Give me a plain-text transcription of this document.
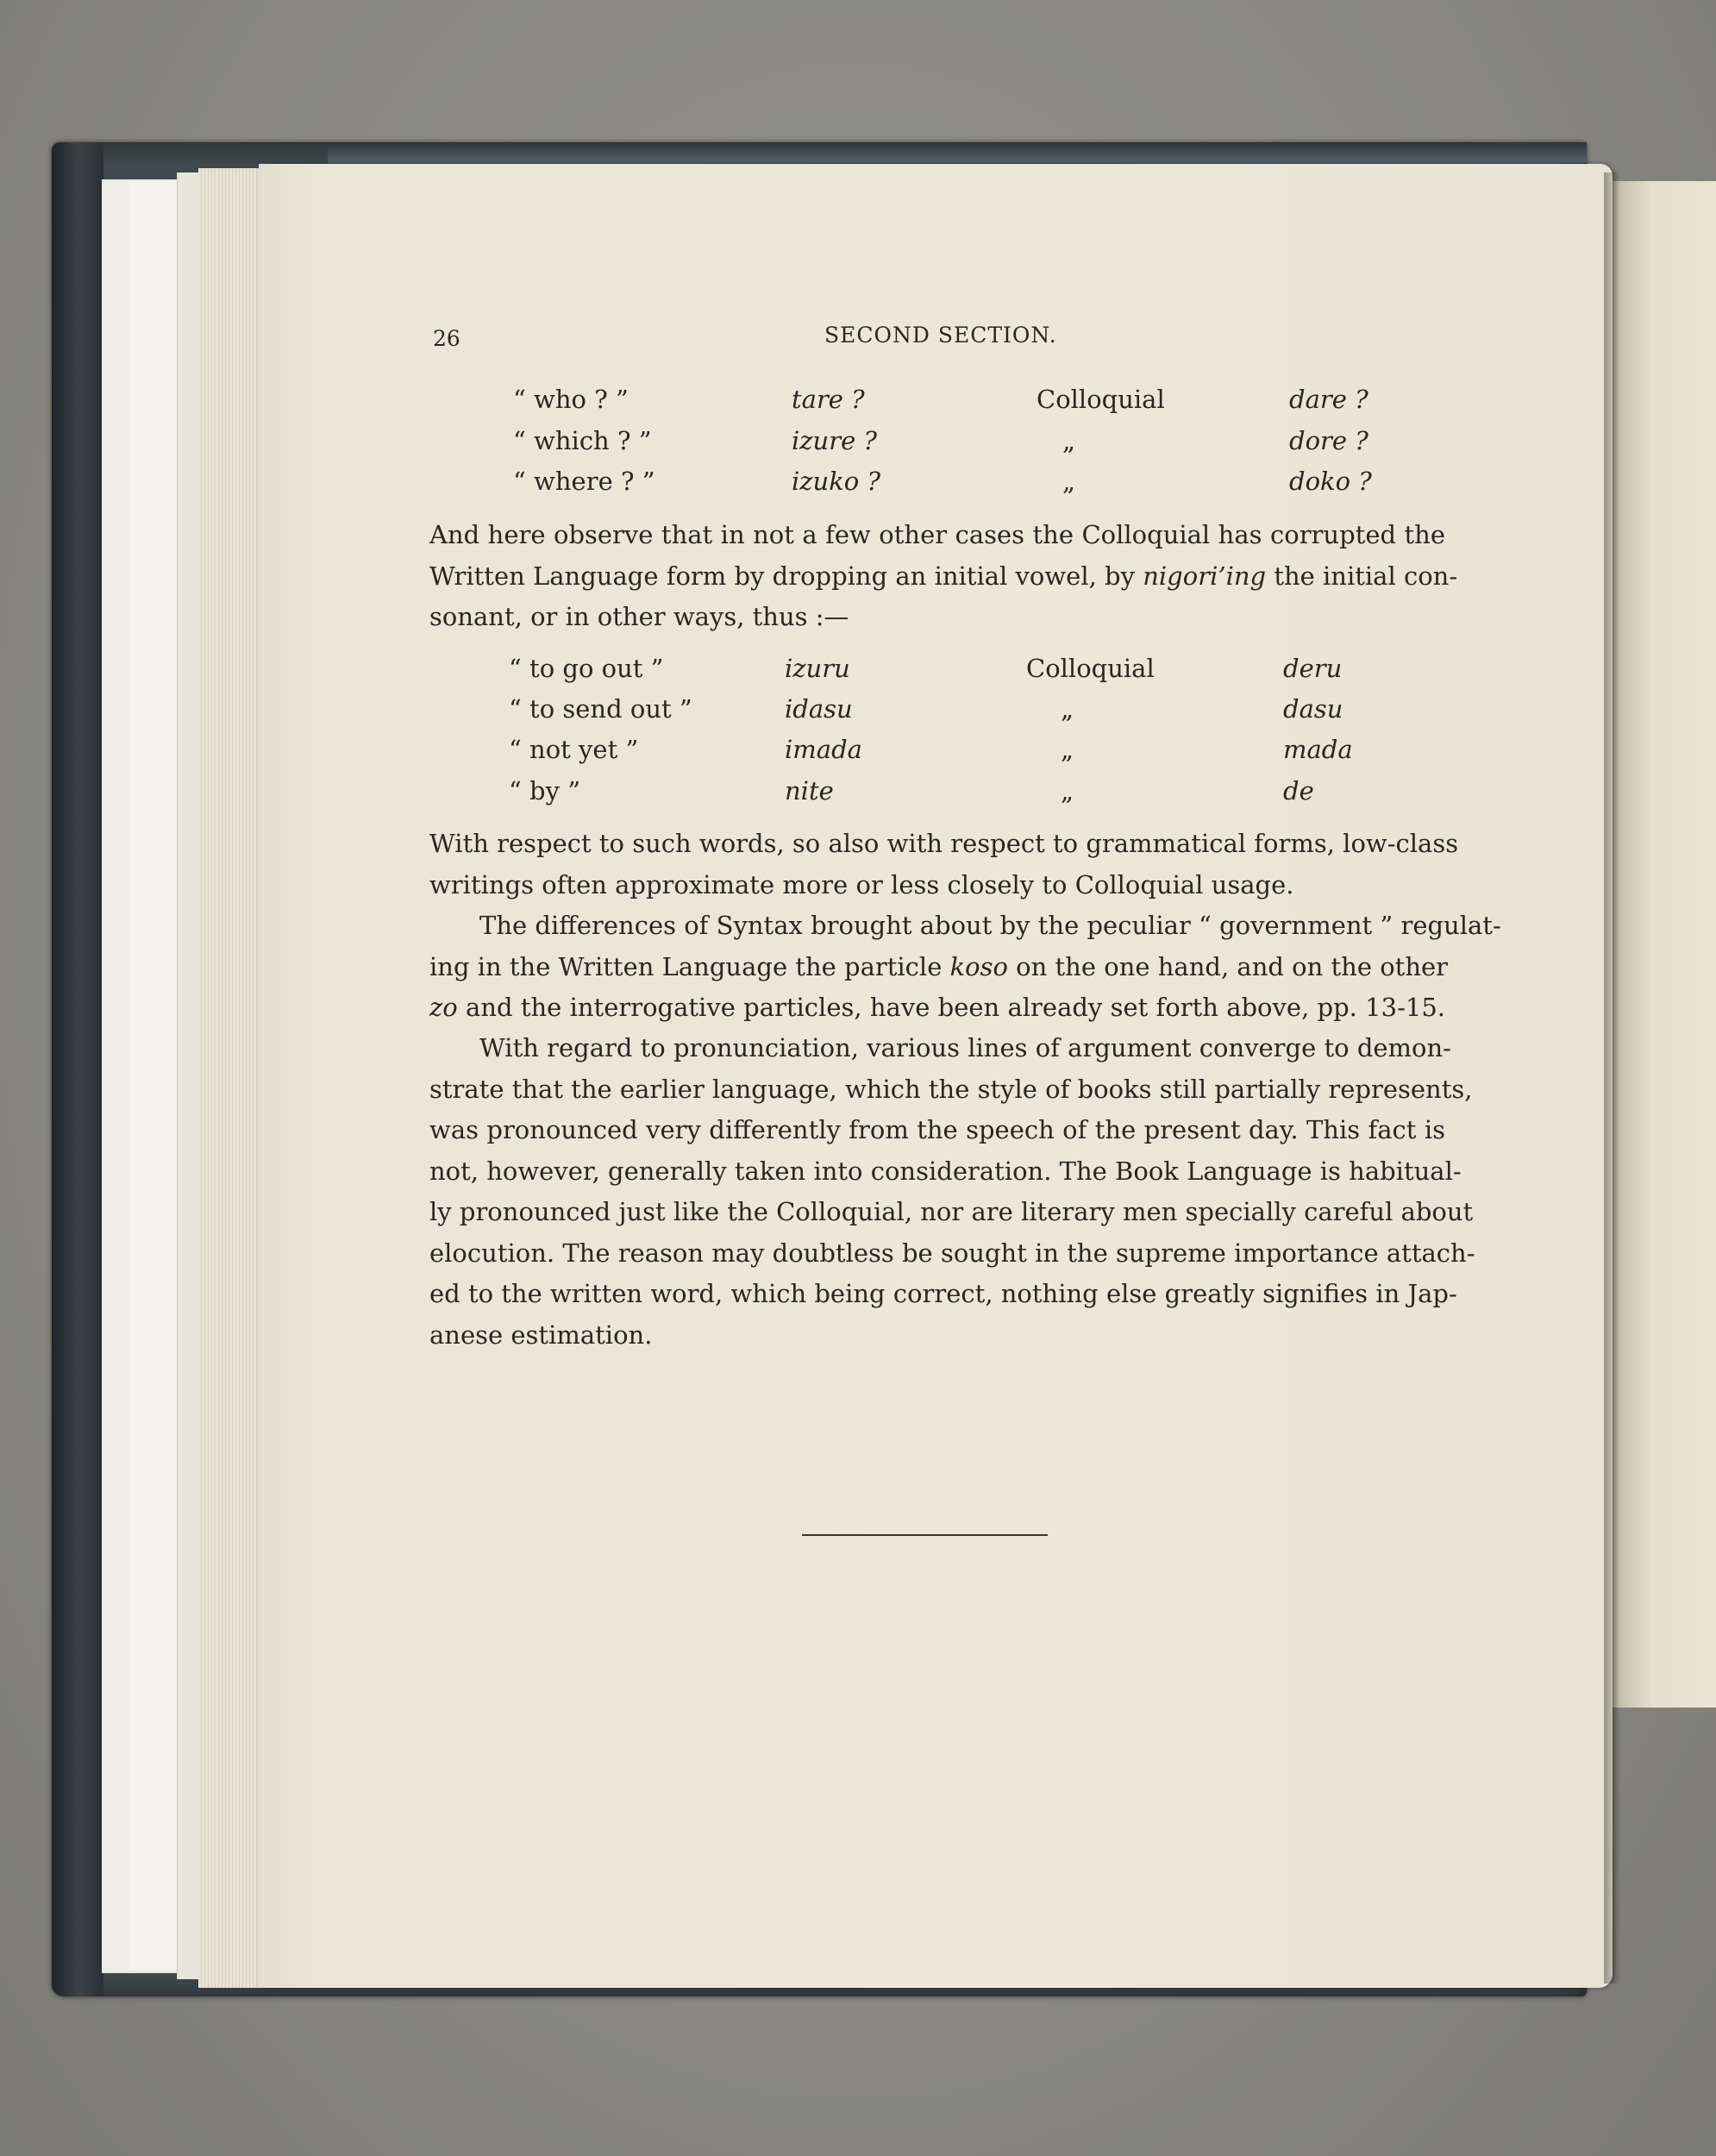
26	SECOND SECTION.
“ who ? ”	tare ?	Colloquial	dare ?
“ which ? ”	izure ?	„	dore ?
“ where ? ”	izuko ?	„	doko ?
And here observe that in not a few other cases the Colloquial has corrupted the
Written Language form by dropping an initial vowel, by nigori’ing the initial con-
sonant, or in other ways, thus :—
“ to go out ”	izuru	Colloquial	deru
“ to send out ”	idasu	„	dasu
“ not yet ”	imada	„	mada
“ by ”	nite	„	de
With respect to such words, so also with respect to grammatical forms, low-class
writings often approximate more or less closely to Colloquial usage.
The differences of Syntax brought about by the peculiar “ government ” regulat-
ing in the Written Language the particle koso on the one hand, and on the other
zo and the interrogative particles, have been already set forth above, pp. 13-15.
With regard to pronunciation, various lines of argument converge to demon-
strate that the earlier language, which the style of books still partially represents,
was pronounced very differently from the speech of the present day. This fact is
not, however, generally taken into consideration. The Book Language is habitual-
ly pronounced just like the Colloquial, nor are literary men specially careful about
elocution. The reason may doubtless be sought in the supreme importance attach-
ed to the written word, which being correct, nothing else greatly signifies in Jap-
anese estimation.
